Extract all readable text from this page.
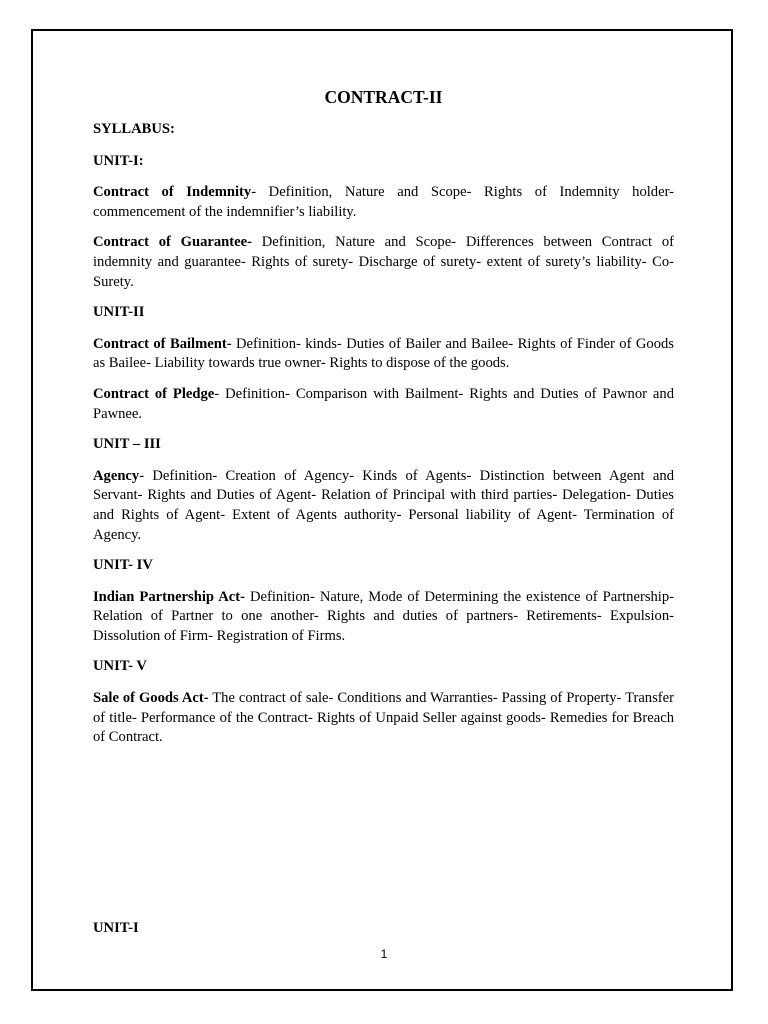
CONTRACT-II
SYLLABUS:
UNIT-I:

Contract of Indemnity- Definition, Nature and Scope- Rights of Indemnity holder- commencement of the indemnifier’s liability.

Contract of Guarantee- Definition, Nature and Scope- Differences between Contract of indemnity and guarantee- Rights of surety- Discharge of surety- extent of surety’s liability- Co- Surety.

UNIT-II

Contract of Bailment- Definition- kinds- Duties of Bailer and Bailee- Rights of Finder of Goods as Bailee- Liability towards true owner- Rights to dispose of the goods.

Contract of Pledge- Definition- Comparison with Bailment- Rights and Duties of Pawnor and Pawnee.

UNIT – III

Agency- Definition- Creation of Agency- Kinds of Agents- Distinction between Agent and Servant- Rights and Duties of Agent- Relation of Principal with third parties- Delegation- Duties and Rights of Agent- Extent of Agents authority- Personal liability of Agent- Termination of Agency.

UNIT- IV

Indian Partnership Act- Definition- Nature, Mode of Determining the existence of Partnership- Relation of Partner to one another- Rights and duties of partners- Retirements- Expulsion- Dissolution of Firm- Registration of Firms.

UNIT- V

Sale of Goods Act- The contract of sale- Conditions and Warranties- Passing of Property- Transfer of title- Performance of the Contract- Rights of Unpaid Seller against goods- Remedies for Breach of Contract.

UNIT-I
1
